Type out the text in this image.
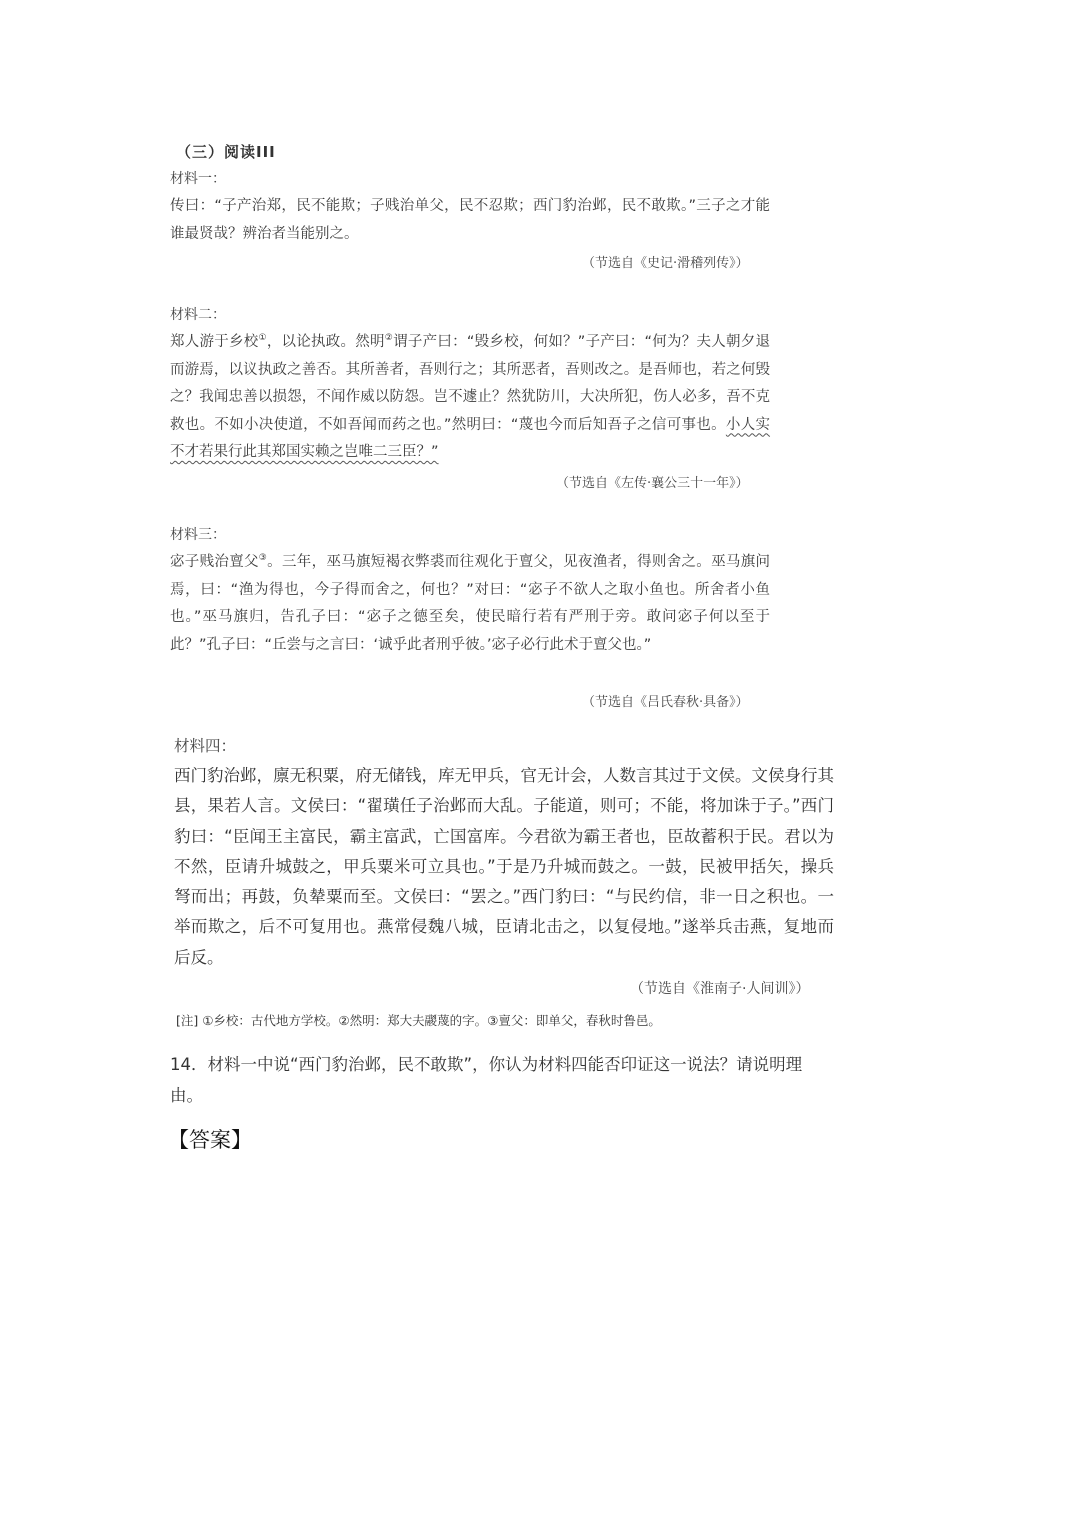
（三）阅读III
材料一：
传曰：“子产治郑，民不能欺；子贱治单父，民不忍欺；西门豹治邺，民不敢欺。”三子之才能谁最贤哉？辨治者当能别之。
（节选自《史记·滑稽列传》）
材料二：
郑人游于乡校①，以论执政。然明②谓子产曰：“毁乡校，何如？”子产曰：“何为？夫人朝夕退而游焉，以议执政之善否。其所善者，吾则行之；其所恶者，吾则改之。是吾师也，若之何毁之？我闻忠善以损怨，不闻作威以防怨。岂不遽止？然犹防川，大决所犯，伤人必多，吾不克救也。不如小决使道，不如吾闻而药之也。”然明曰：“蔑也今而后知吾子之信可事也。小人实不才若果行此其郑国实赖之岂唯二三臣？”
（节选自《左传·襄公三十一年》）
材料三：
宓子贱治亶父③。三年，巫马旗短褐衣弊裘而往观化于亶父，见夜渔者，得则舍之。巫马旗问焉，曰：“渔为得也，今子得而舍之，何也？”对曰：“宓子不欲人之取小鱼也。所舍者小鱼也。”巫马旗归，告孔子曰：“宓子之德至矣，使民暗行若有严刑于旁。敢问宓子何以至于此？”孔子曰：“丘尝与之言曰：‘诚乎此者刑乎彼。’宓子必行此术于亶父也。”
（节选自《吕氏春秋·具备》）
材料四：
西门豹治邺，廪无积粟，府无储钱，库无甲兵，官无计会，人数言其过于文侯。文侯身行其县，果若人言。文侯曰：“翟璜任子治邺而大乱。子能道，则可；不能，将加诛于子。”西门豹曰：“臣闻王主富民，霸主富武，亡国富库。今君欲为霸王者也，臣故蓄积于民。君以为不然，臣请升城鼓之，甲兵粟米可立具也。”于是乃升城而鼓之。一鼓，民被甲括矢，操兵弩而出；再鼓，负辇粟而至。文侯曰：“罢之。”西门豹曰：“与民约信，非一日之积也。一举而欺之，后不可复用也。燕常侵魏八城，臣请北击之，以复侵地。”遂举兵击燕，复地而后反。
（节选自《淮南子·人间训》）
[注] ①乡校：古代地方学校。②然明：郑大夫鬷蔑的字。③亶父：即单父，春秋时鲁邑。
14．材料一中说“西门豹治邺，民不敢欺”，你认为材料四能否印证这一说法？请说明理由。
【答案】
